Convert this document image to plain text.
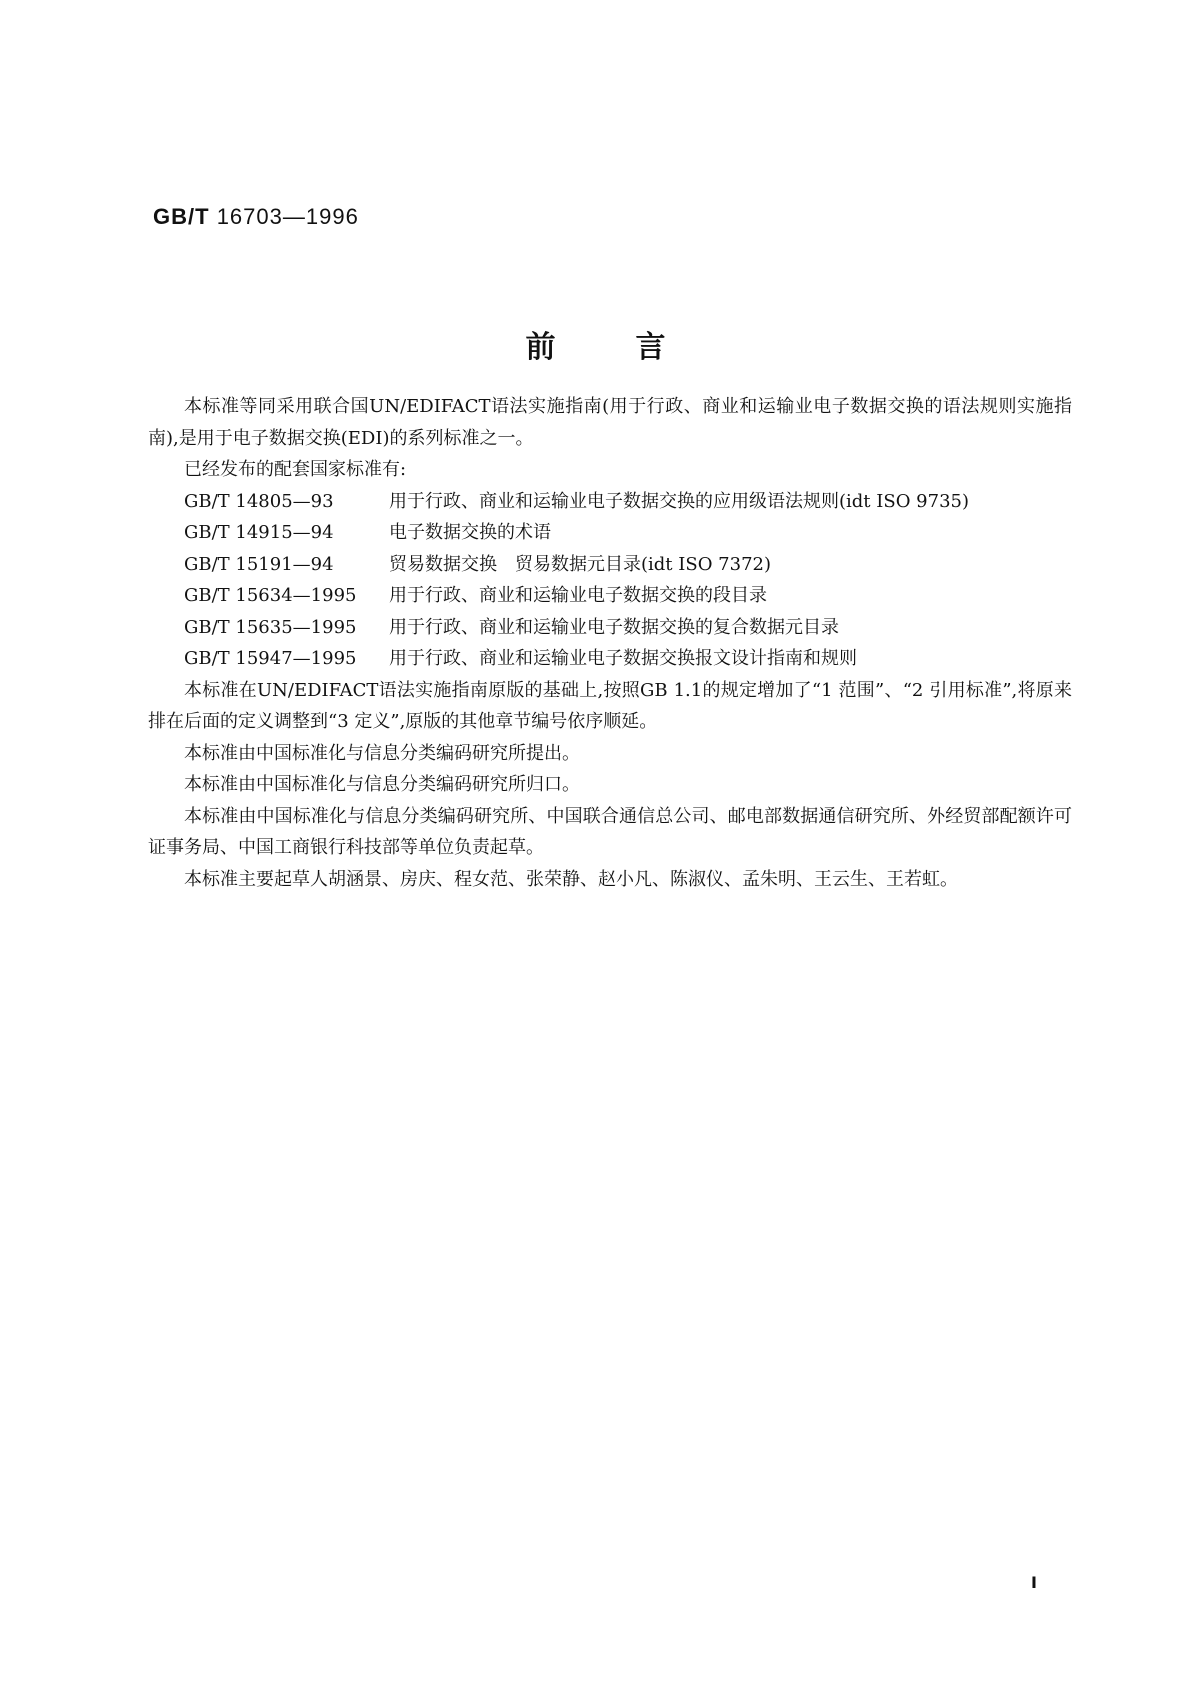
GB/T 16703—1996
前言

本标准等同采用联合国UN/EDIFACT语法实施指南(用于行政、商业和运输业电子数据交换的语法规则实施指南),是用于电子数据交换(EDI)的系列标准之一。

已经发布的配套国家标准有:

GB/T 14805—93	用于行政、商业和运输业电子数据交换的应用级语法规则(idt ISO 9735)

GB/T 14915—94	电子数据交换的术语

GB/T 15191—94	贸易数据交换　贸易数据元目录(idt ISO 7372)

GB/T 15634—1995 用于行政、商业和运输业电子数据交换的段目录

GB/T 15635—1995 用于行政、商业和运输业电子数据交换的复合数据元目录

GB/T 15947—1995 用于行政、商业和运输业电子数据交换报文设计指南和规则

本标准在UN/EDIFACT语法实施指南原版的基础上,按照GB 1.1的规定增加了“1 范围”、“2 引用标准”,将原来排在后面的定义调整到“3 定义”,原版的其他章节编号依序顺延。

本标准由中国标准化与信息分类编码研究所提出。

本标准由中国标准化与信息分类编码研究所归口。

本标准由中国标准化与信息分类编码研究所、中国联合通信总公司、邮电部数据通信研究所、外经贸部配额许可证事务局、中国工商银行科技部等单位负责起草。

本标准主要起草人胡涵景、房庆、程女范、张荣静、赵小凡、陈淑仪、孟朱明、王云生、王若虹。

Ⅰ
